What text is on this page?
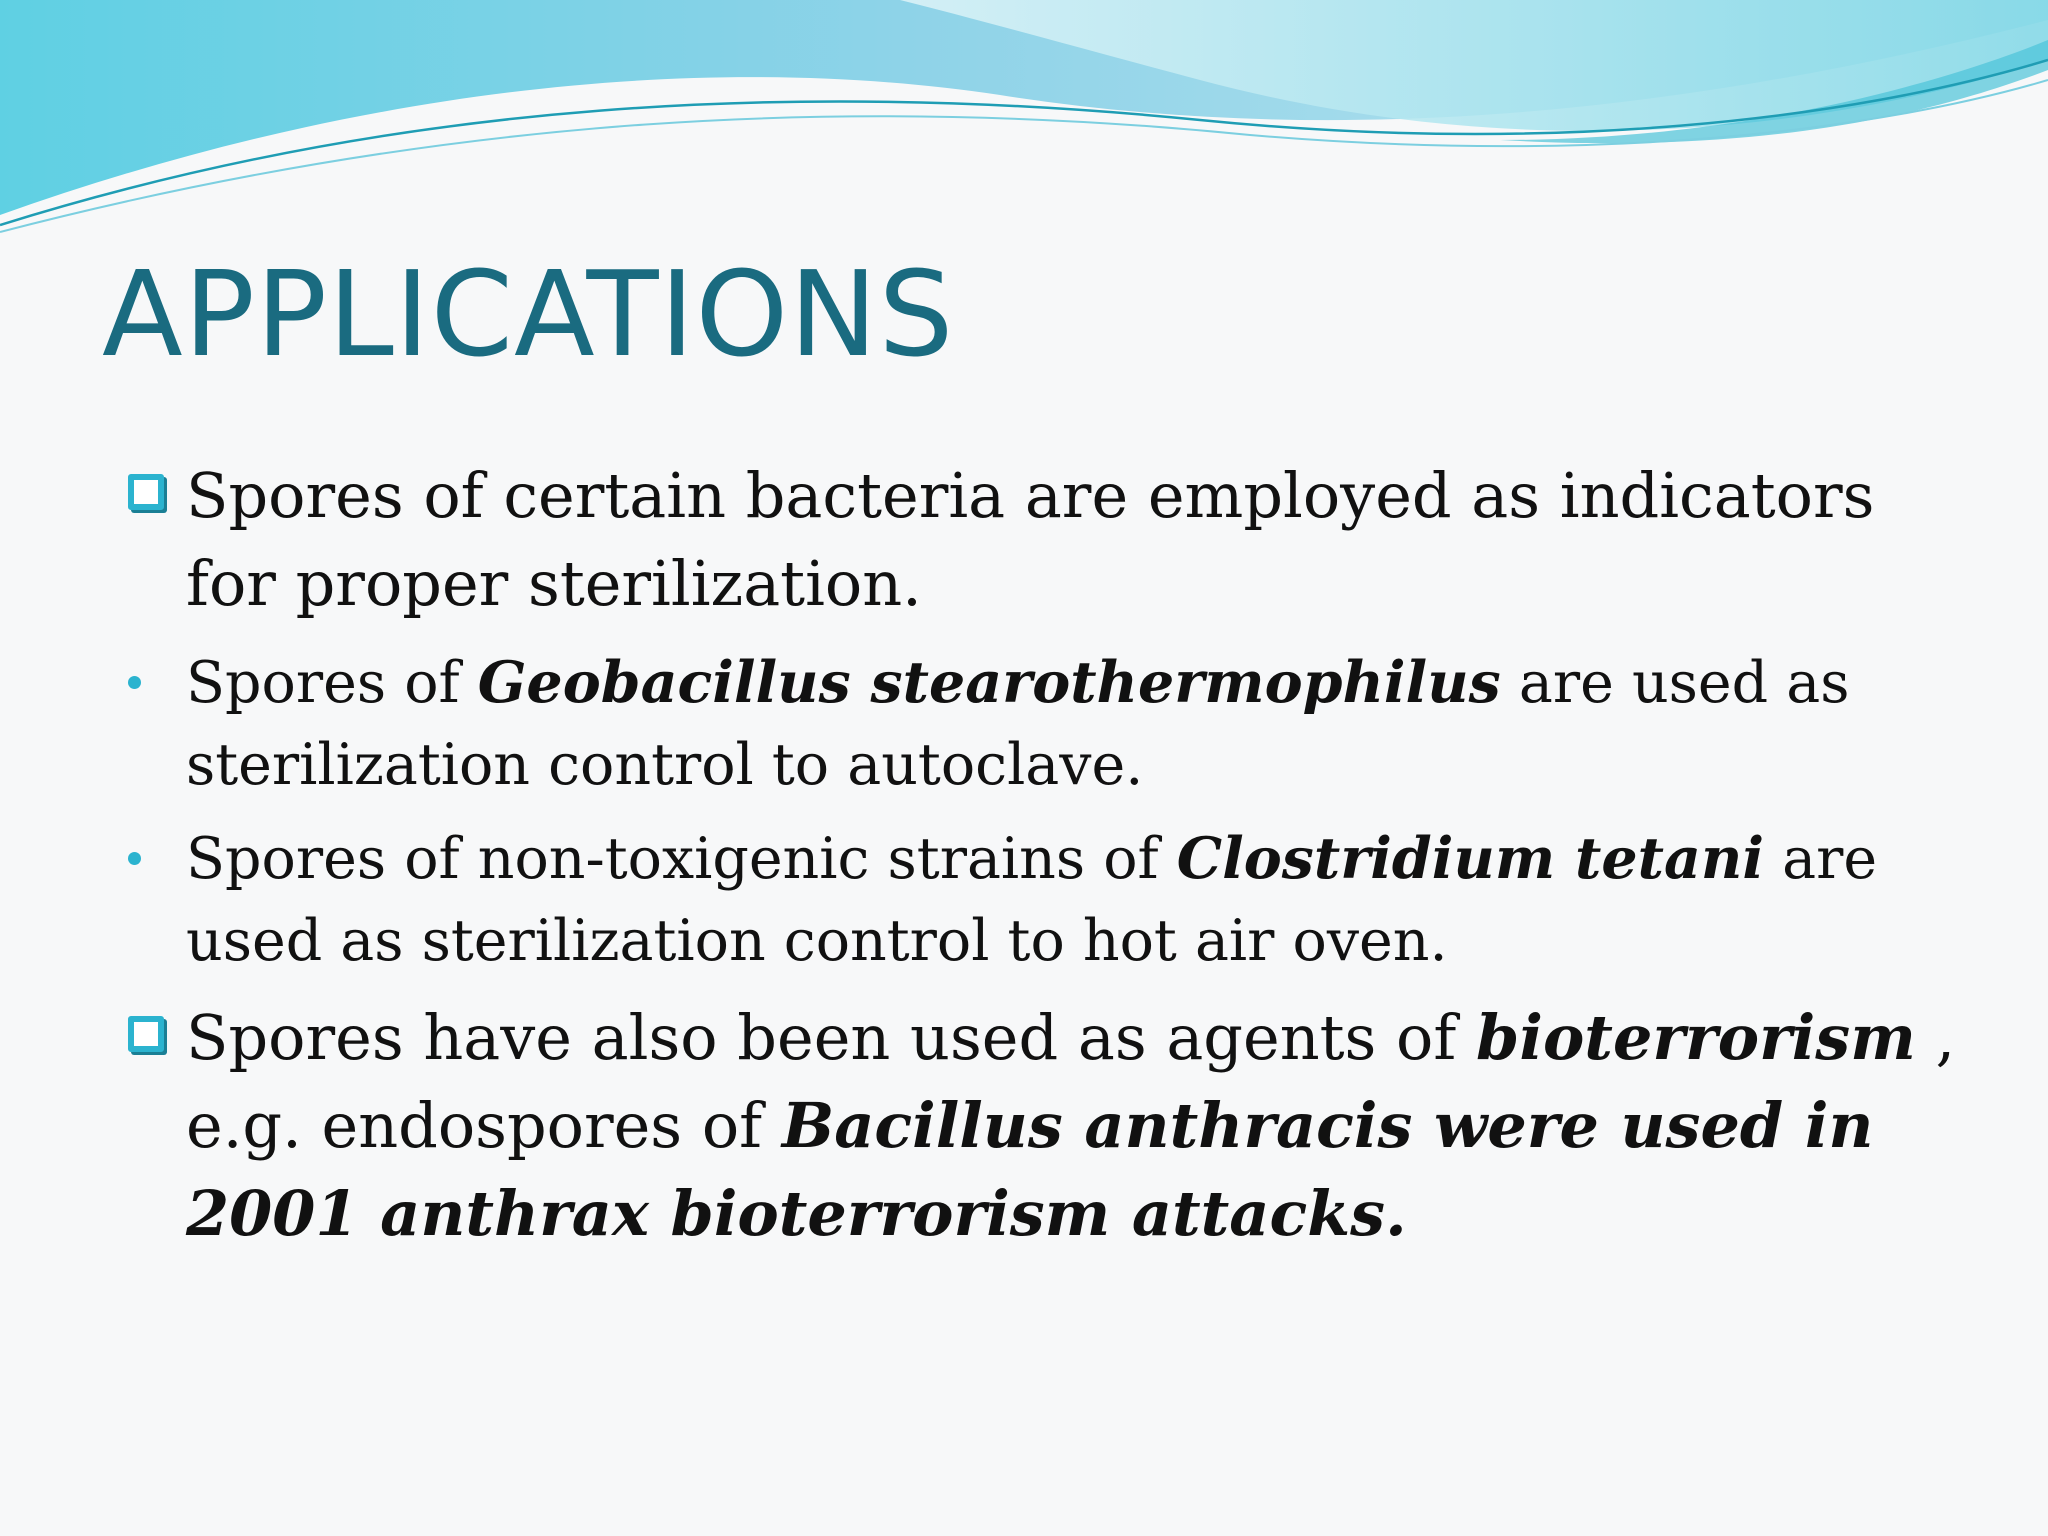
APPLICATIONS
Spores of certain bacteria are employed as indicators for proper sterilization.
Spores of Geobacillus stearothermophilus are used as sterilization control to autoclave.
Spores of non-toxigenic strains of Clostridium tetani are used as sterilization control to hot air oven.
Spores have also been used as agents of bioterrorism , e.g. endospores of Bacillus anthracis were used in 2001 anthrax bioterrorism attacks.
